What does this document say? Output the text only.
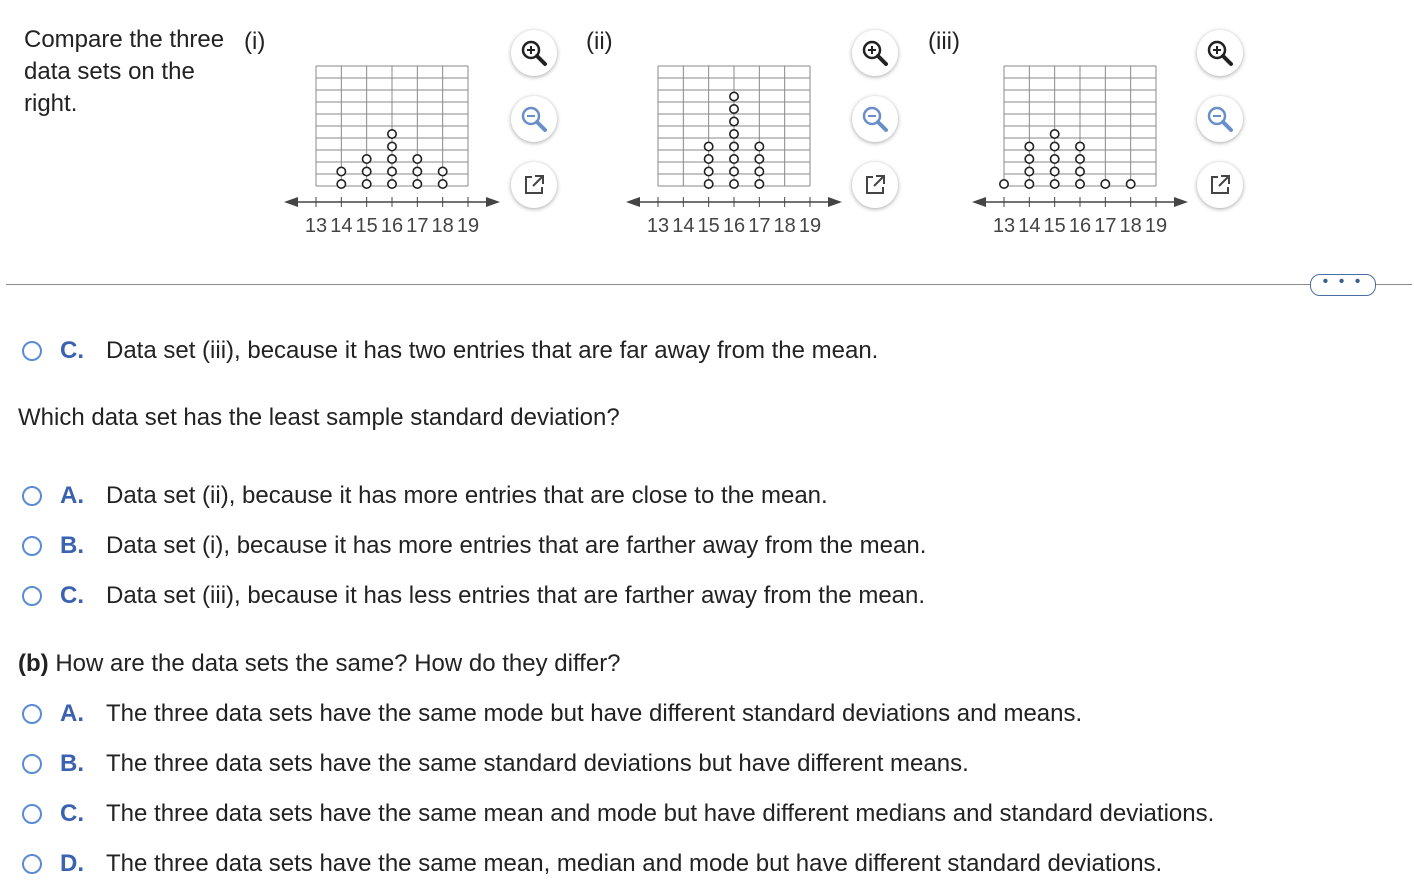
Compare the three data sets on the right.
(i)
13 14 15 16 17 18 19
(ii)
13 14 15 16 17 18 19
(iii)
13 14 15 16 17 18 19
• • •
C. Data set (iii), because it has two entries that are far away from the mean.
Which data set has the least sample standard deviation?
A. Data set (ii), because it has more entries that are close to the mean.
B. Data set (i), because it has more entries that are farther away from the mean.
C. Data set (iii), because it has less entries that are farther away from the mean.
(b) How are the data sets the same? How do they differ?
A. The three data sets have the same mode but have different standard deviations and means.
B. The three data sets have the same standard deviations but have different means.
C. The three data sets have the same mean and mode but have different medians and standard deviations.
D. The three data sets have the same mean, median and mode but have different standard deviations.
